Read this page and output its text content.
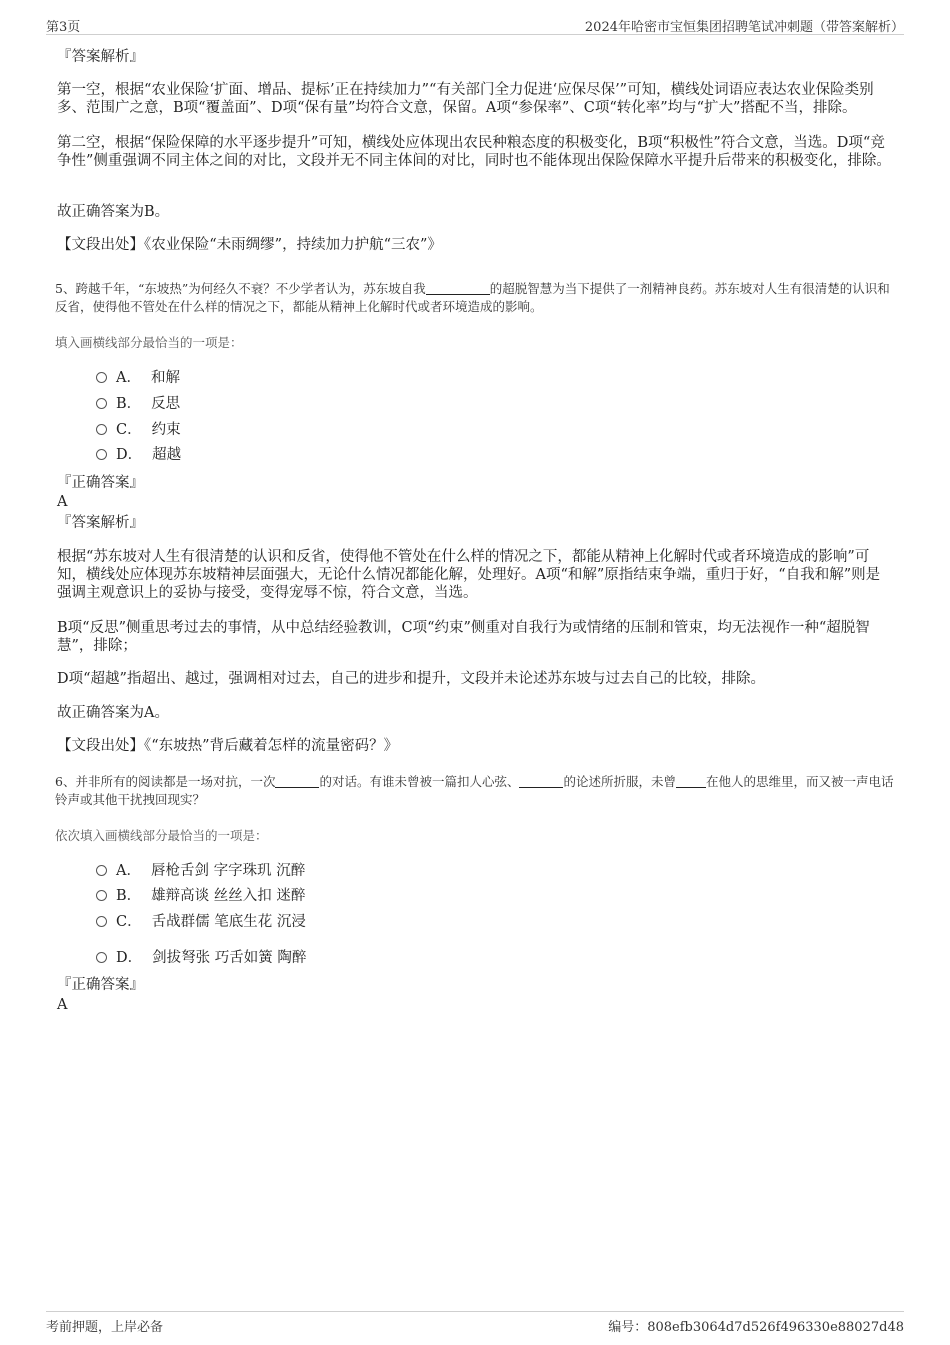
第3页	2024年哈密市宝恒集团招聘笔试冲刺题（带答案解析）
『答案解析』
第一空，根据“农业保险‘扩面、增品、提标’正在持续加力”“有关部门全力促进‘应保尽保’”可知，横线处词语应表达农业保险类别多、范围广之意，B项“覆盖面”、D项“保有量”均符合文意，保留。A项“参保率”、C项“转化率”均与“扩大”搭配不当，排除。
第二空，根据“保险保障的水平逐步提升”可知，横线处应体现出农民种粮态度的积极变化，B项“积极性”符合文意，当选。D项“竞争性”侧重强调不同主体之间的对比，文段并无不同主体间的对比，同时也不能体现出保险保障水平提升后带来的积极变化，排除。
故正确答案为B。
【文段出处】《农业保险“未雨绸缪”，持续加力护航“三农”》
5、跨越千年，“东坡热”为何经久不衰？不少学者认为，苏东坡自我	的超脱智慧为当下提供了一剂精神良药。苏东坡对人生有很清楚的认识和反省，使得他不管处在什么样的情况之下，都能从精神上化解时代或者环境造成的影响。
填入画横线部分最恰当的一项是：
A． 和解
B． 反思
C． 约束
D． 超越
『正确答案』
A
『答案解析』
根据“苏东坡对人生有很清楚的认识和反省，使得他不管处在什么样的情况之下，都能从精神上化解时代或者环境造成的影响”可知，横线处应体现苏东坡精神层面强大，无论什么情况都能化解，处理好。A项“和解”原指结束争端，重归于好，“自我和解”则是强调主观意识上的妥协与接受，变得宠辱不惊，符合文意，当选。
B项“反思”侧重思考过去的事情，从中总结经验教训，C项“约束”侧重对自我行为或情绪的压制和管束，均无法视作一种“超脱智慧”，排除；
D项“超越”指超出、越过，强调相对过去，自己的进步和提升，文段并未论述苏东坡与过去自己的比较，排除。
故正确答案为A。
【文段出处】《“东坡热”背后藏着怎样的流量密码？》
6、并非所有的阅读都是一场对抗，一次	的对话。有谁未曾被一篇扣人心弦、	的论述所折服，未曾 在他人的思维里，而又被一声电话铃声或其他干扰拽回现实？
依次填入画横线部分最恰当的一项是：
A． 唇枪舌剑 字字珠玑 沉醉
B． 雄辩高谈 丝丝入扣 迷醉
C． 舌战群儒 笔底生花 沉浸
D． 剑拔弩张 巧舌如簧 陶醉
『正确答案』
A
考前押题，上岸必备	编号：808efb3064d7d526f496330e88027d48
